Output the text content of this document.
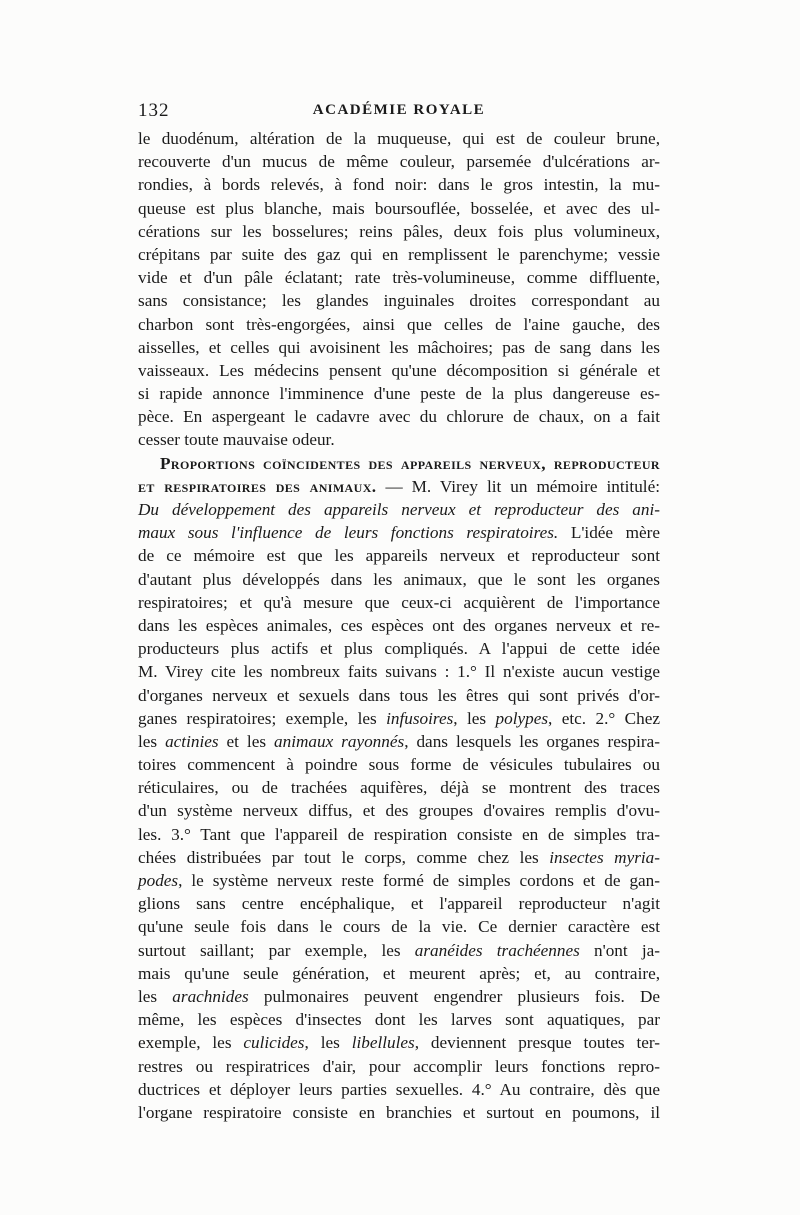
132	ACADÉMIE ROYALE
le duodénum, altération de la muqueuse, qui est de couleur brune,
recouverte d'un mucus de même couleur, parsemée d'ulcérations ar-
rondies, à bords relevés, à fond noir: dans le gros intestin, la mu-
queuse est plus blanche, mais boursouflée, bosselée, et avec des ul-
cérations sur les bosselures; reins pâles, deux fois plus volumineux,
crépitans par suite des gaz qui en remplissent le parenchyme; vessie
vide et d'un pâle éclatant; rate très-volumineuse, comme diffluente,
sans consistance; les glandes inguinales droites correspondant au
charbon sont très-engorgées, ainsi que celles de l'aine gauche, des
aisselles, et celles qui avoisinent les mâchoires; pas de sang dans les
vaisseaux. Les médecins pensent qu'une décomposition si générale et
si rapide annonce l'imminence d'une peste de la plus dangereuse es-
pèce. En aspergeant le cadavre avec du chlorure de chaux, on a fait
cesser toute mauvaise odeur.
Proportions coïncidentes des appareils nerveux, reproducteur
et respiratoires des animaux. — M. Virey lit un mémoire intitulé:
Du développement des appareils nerveux et reproducteur des ani-
maux sous l'influence de leurs fonctions respiratoires. L'idée mère
de ce mémoire est que les appareils nerveux et reproducteur sont
d'autant plus développés dans les animaux, que le sont les organes
respiratoires; et qu'à mesure que ceux-ci acquièrent de l'importance
dans les espèces animales, ces espèces ont des organes nerveux et re-
producteurs plus actifs et plus compliqués. A l'appui de cette idée
M. Virey cite les nombreux faits suivans : 1.° Il n'existe aucun vestige
d'organes nerveux et sexuels dans tous les êtres qui sont privés d'or-
ganes respiratoires; exemple, les infusoires, les polypes, etc. 2.° Chez
les actinies et les animaux rayonnés, dans lesquels les organes respira-
toires commencent à poindre sous forme de vésicules tubulaires ou
réticulaires, ou de trachées aquifères, déjà se montrent des traces
d'un système nerveux diffus, et des groupes d'ovaires remplis d'ovu-
les. 3.° Tant que l'appareil de respiration consiste en de simples tra-
chées distribuées par tout le corps, comme chez les insectes myria-
podes, le système nerveux reste formé de simples cordons et de gan-
glions sans centre encéphalique, et l'appareil reproducteur n'agit
qu'une seule fois dans le cours de la vie. Ce dernier caractère est
surtout saillant; par exemple, les aranéides trachéennes n'ont ja-
mais qu'une seule génération, et meurent après; et, au contraire,
les arachnides pulmonaires peuvent engendrer plusieurs fois. De
même, les espèces d'insectes dont les larves sont aquatiques, par
exemple, les culicides, les libellules, deviennent presque toutes ter-
restres ou respiratrices d'air, pour accomplir leurs fonctions repro-
ductrices et déployer leurs parties sexuelles. 4.° Au contraire, dès que
l'organe respiratoire consiste en branchies et surtout en poumons, il
